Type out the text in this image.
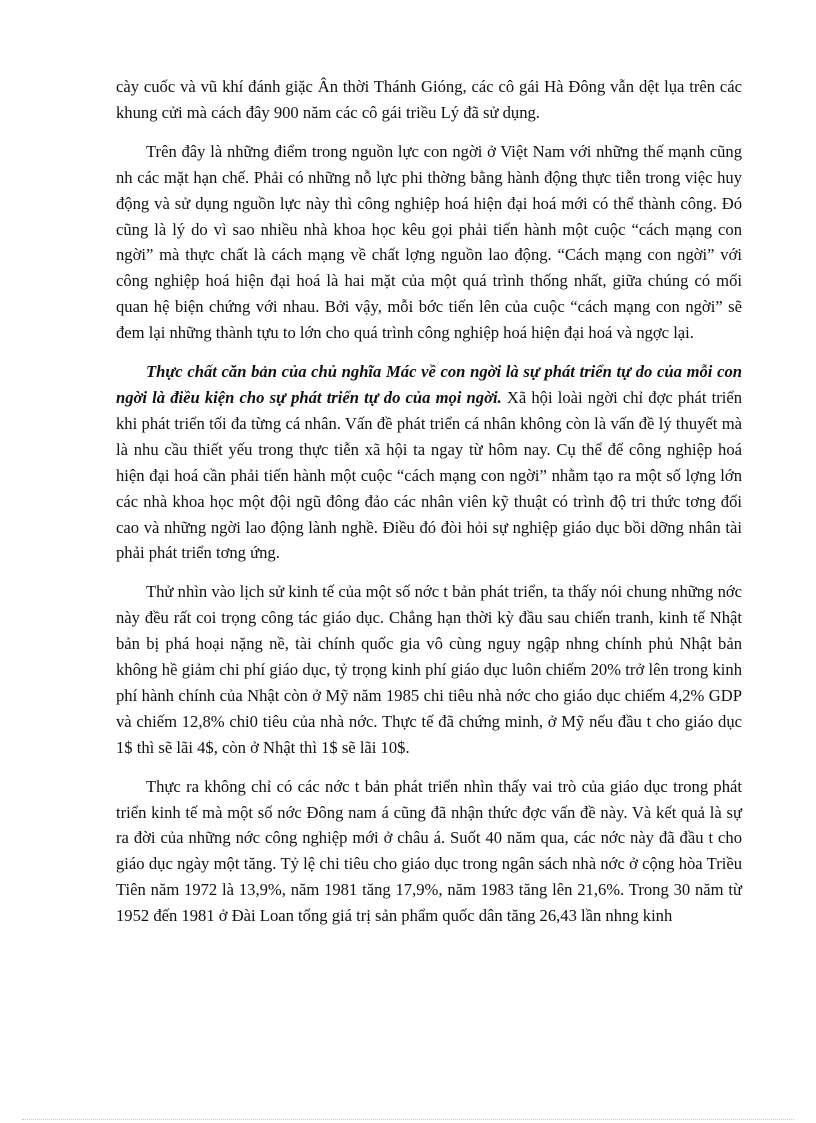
cày cuốc và vũ khí đánh giặc Ân thời Thánh Gióng, các cô gái Hà Đông vẫn dệt lụa trên các khung cửi mà cách đây 900 năm các cô gái triều Lý đã sử dụng.

Trên đây là những điểm trong nguồn lực con ngời ở Việt Nam với những thế mạnh cũng nh các mặt hạn chế. Phải có những nỗ lực phi thờng bằng hành động thực tiễn trong việc huy động và sử dụng nguồn lực này thì công nghiệp hoá hiện đại hoá mới có thể thành công. Đó cũng là lý do vì sao nhiều nhà khoa học kêu gọi phải tiến hành một cuộc “cách mạng con ngời” mà thực chất là cách mạng về chất lợng nguồn lao động. “Cách mạng con ngời” với công nghiệp hoá hiện đại hoá là hai mặt của một quá trình thống nhất, giữa chúng có mối quan hệ biện chứng với nhau. Bởi vậy, mỗi bớc tiến lên của cuộc “cách mạng con ngời” sẽ đem lại những thành tựu to lớn cho quá trình công nghiệp hoá hiện đại hoá và ngợc lại.

Thực chất căn bản của chủ nghĩa Mác về con ngời là sự phát triển tự do của mỗi con ngời là điều kiện cho sự phát triển tự do của mọi ngời. Xã hội loài ngời chỉ đợc phát triển khi phát triển tối đa từng cá nhân. Vấn đề phát triển cá nhân không còn là vấn đề lý thuyết mà là nhu cầu thiết yếu trong thực tiễn xã hội ta ngay từ hôm nay. Cụ thể để công nghiệp hoá hiện đại hoá cần phải tiến hành một cuộc “cách mạng con ngời” nhằm tạo ra một số lợng lớn các nhà khoa học một đội ngũ đông đảo các nhân viên kỹ thuật có trình độ tri thức tơng đối cao và những ngời lao động lành nghề. Điều đó đòi hỏi sự nghiệp giáo dục bồi dỡng nhân tài phải phát triển tơng ứng.

Thử nhìn vào lịch sử kinh tế của một số nớc t bản phát triển, ta thấy nói chung những nớc này đều rất coi trọng công tác giáo dục. Chẳng hạn thời kỳ đầu sau chiến tranh, kinh tế Nhật bản bị phá hoại nặng nề, tài chính quốc gia vô cùng nguy ngập nhng chính phủ Nhật bản không hề giảm chi phí giáo dục, tỷ trọng kinh phí giáo dục luôn chiếm 20% trở lên trong kinh phí hành chính của Nhật còn ở Mỹ năm 1985 chi tiêu nhà nớc cho giáo dục chiếm 4,2% GDP và chiếm 12,8% chi0 tiêu của nhà nớc. Thực tế đã chứng minh, ở Mỹ nếu đầu t cho giáo dục 1$ thì sẽ lãi 4$, còn ở Nhật thì 1$ sẽ lãi 10$.

Thực ra không chỉ có các nớc t bản phát triển nhìn thấy vai trò của giáo dục trong phát triển kinh tế mà một số nớc Đông nam á cũng đã nhận thức đợc vấn đề này. Và kết quả là sự ra đời của những nớc công nghiệp mới ở châu á. Suốt 40 năm qua, các nớc này đã đầu t cho giáo dục ngày một tăng. Tỷ lệ chi tiêu cho giáo dục trong ngân sách nhà nớc ở cộng hòa Triều Tiên năm 1972 là 13,9%, năm 1981 tăng 17,9%, năm 1983 tăng lên 21,6%. Trong 30 năm từ 1952 đến 1981 ở Đài Loan tổng giá trị sản phẩm quốc dân tăng 26,43 lần nhng kinh
